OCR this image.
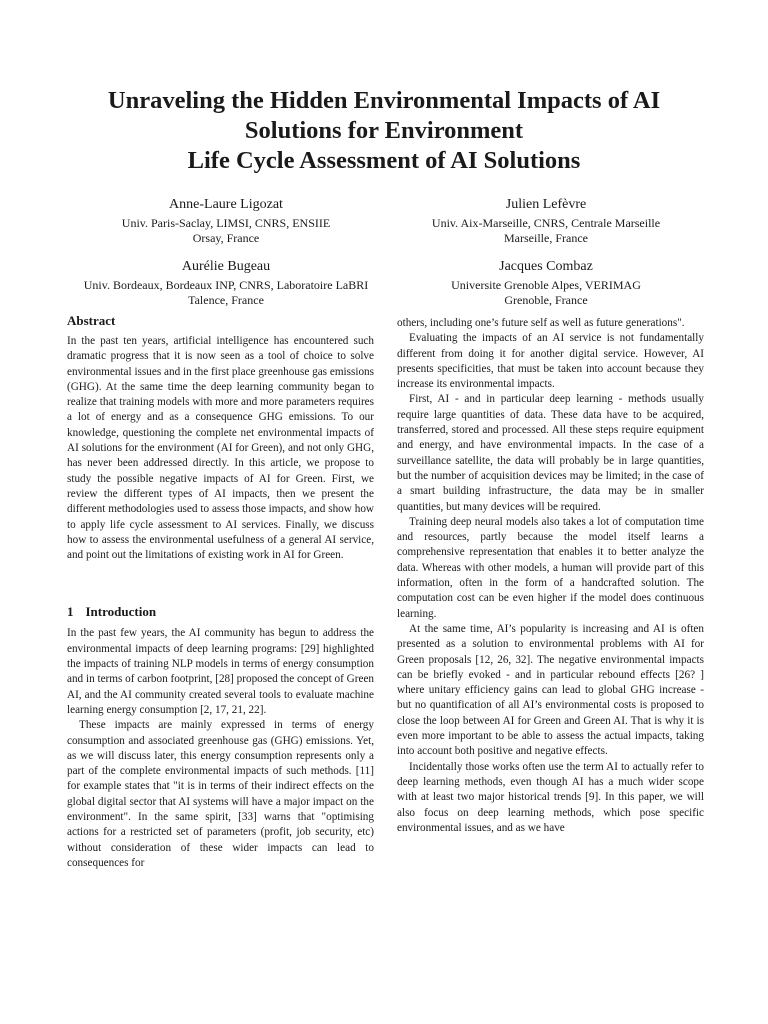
Unraveling the Hidden Environmental Impacts of AI
Solutions for Environment
Life Cycle Assessment of AI Solutions
Anne-Laure Ligozat
Univ. Paris-Saclay, LIMSI, CNRS, ENSIIE
Orsay, France
Julien Lefèvre
Univ. Aix-Marseille, CNRS, Centrale Marseille
Marseille, France
Aurélie Bugeau
Univ. Bordeaux, Bordeaux INP, CNRS, Laboratoire LaBRI
Talence, France
Jacques Combaz
Universite Grenoble Alpes, VERIMAG
Grenoble, France
Abstract

In the past ten years, artificial intelligence has encountered such dramatic progress that it is now seen as a tool of choice to solve environmental issues and in the first place greenhouse gas emissions (GHG). At the same time the deep learning community began to realize that training models with more and more parameters requires a lot of energy and as a consequence GHG emissions. To our knowledge, questioning the complete net environmental impacts of AI solutions for the environment (AI for Green), and not only GHG, has never been addressed directly. In this article, we propose to study the possible negative impacts of AI for Green. First, we review the different types of AI impacts, then we present the different methodologies used to assess those impacts, and show how to apply life cycle assessment to AI services. Finally, we discuss how to assess the environmental usefulness of a general AI service, and point out the limitations of existing work in AI for Green.

1 Introduction

In the past few years, the AI community has begun to address the environmental impacts of deep learning programs: [29] highlighted the impacts of training NLP models in terms of energy consumption and in terms of carbon footprint, [28] proposed the concept of Green AI, and the AI community created several tools to evaluate machine learning energy consumption [2, 17, 21, 22].

These impacts are mainly expressed in terms of energy consumption and associated greenhouse gas (GHG) emissions. Yet, as we will discuss later, this energy consumption represents only a part of the complete environmental impacts of such methods. [11] for example states that "it is in terms of their indirect effects on the global digital sector that AI systems will have a major impact on the environment". In the same spirit, [33] warns that "optimising actions for a restricted set of parameters (profit, job security, etc) without consideration of these wider impacts can lead to consequences for

others, including one’s future self as well as future generations".

Evaluating the impacts of an AI service is not fundamentally different from doing it for another digital service. However, AI presents specificities, that must be taken into account because they increase its environmental impacts.

First, AI - and in particular deep learning - methods usually require large quantities of data. These data have to be acquired, transferred, stored and processed. All these steps require equipment and energy, and have environmental impacts. In the case of a surveillance satellite, the data will probably be in large quantities, but the number of acquisition devices may be limited; in the case of a smart building infrastructure, the data may be in smaller quantities, but many devices will be required.

Training deep neural models also takes a lot of computation time and resources, partly because the model itself learns a comprehensive representation that enables it to better analyze the data. Whereas with other models, a human will provide part of this information, often in the form of a handcrafted solution. The computation cost can be even higher if the model does continuous learning.

At the same time, AI’s popularity is increasing and AI is often presented as a solution to environmental problems with AI for Green proposals [12, 26, 32]. The negative environmental impacts can be briefly evoked - and in particular rebound effects [26? ] where unitary efficiency gains can lead to global GHG increase - but no quantification of all AI’s environmental costs is proposed to close the loop between AI for Green and Green AI. That is why it is even more important to be able to assess the actual impacts, taking into account both positive and negative effects.

Incidentally those works often use the term AI to actually refer to deep learning methods, even though AI has a much wider scope with at least two major historical trends [9]. In this paper, we will also focus on deep learning methods, which pose specific environmental issues, and as we have
